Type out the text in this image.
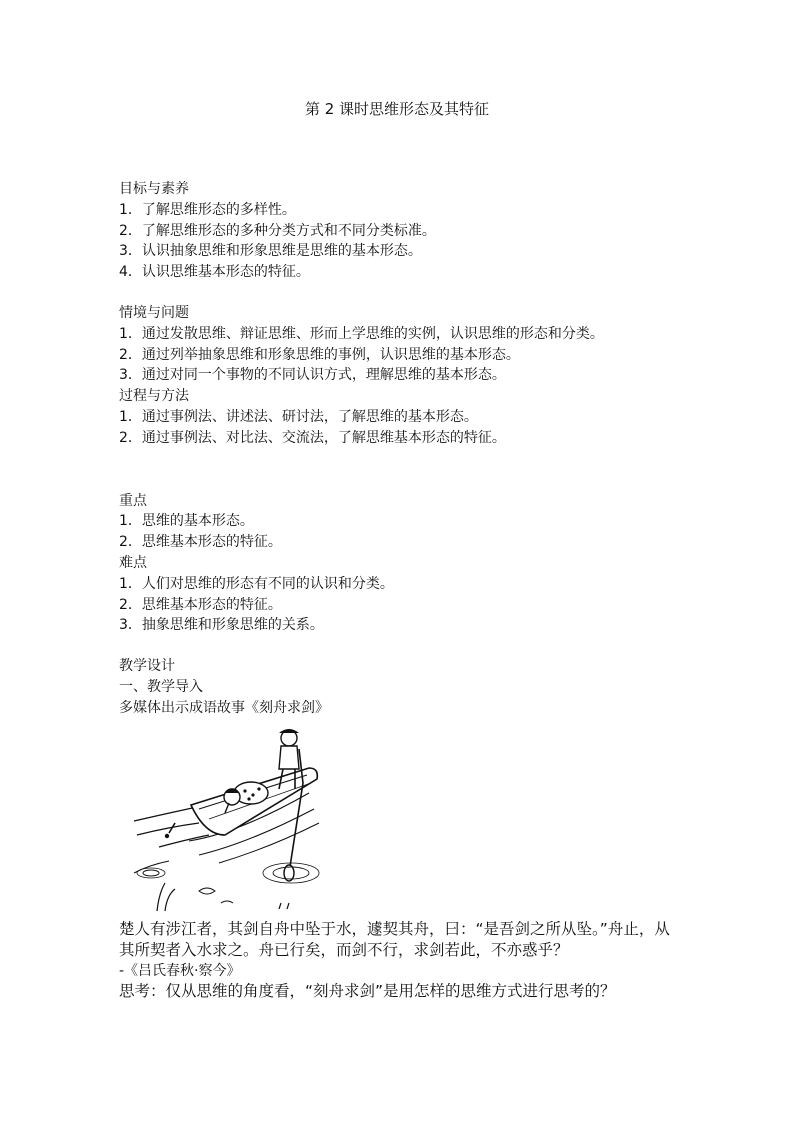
第 2 课时思维形态及其特征
目标与素养
1．了解思维形态的多样性。
2．了解思维形态的多种分类方式和不同分类标准。
3．认识抽象思维和形象思维是思维的基本形态。
4．认识思维基本形态的特征。
情境与问题
1．通过发散思维、辩证思维、形而上学思维的实例，认识思维的形态和分类。
2．通过列举抽象思维和形象思维的事例，认识思维的基本形态。
3．通过对同一个事物的不同认识方式，理解思维的基本形态。
过程与方法
1．通过事例法、讲述法、研讨法，了解思维的基本形态。
2．通过事例法、对比法、交流法，了解思维基本形态的特征。
重点
1．思维的基本形态。
2．思维基本形态的特征。
难点
1．人们对思维的形态有不同的认识和分类。
2．思维基本形态的特征。
3．抽象思维和形象思维的关系。
教学设计
一、教学导入
多媒体出示成语故事《刻舟求剑》
楚人有涉江者，其剑自舟中坠于水，遽契其舟，曰：“是吾剑之所从坠。”舟止，从其所契者入水求之。舟已行矣，而剑不行，求剑若此，不亦惑乎？
-《吕氏春秋·察今》
思考：仅从思维的角度看，“刻舟求剑”是用怎样的思维方式进行思考的？
